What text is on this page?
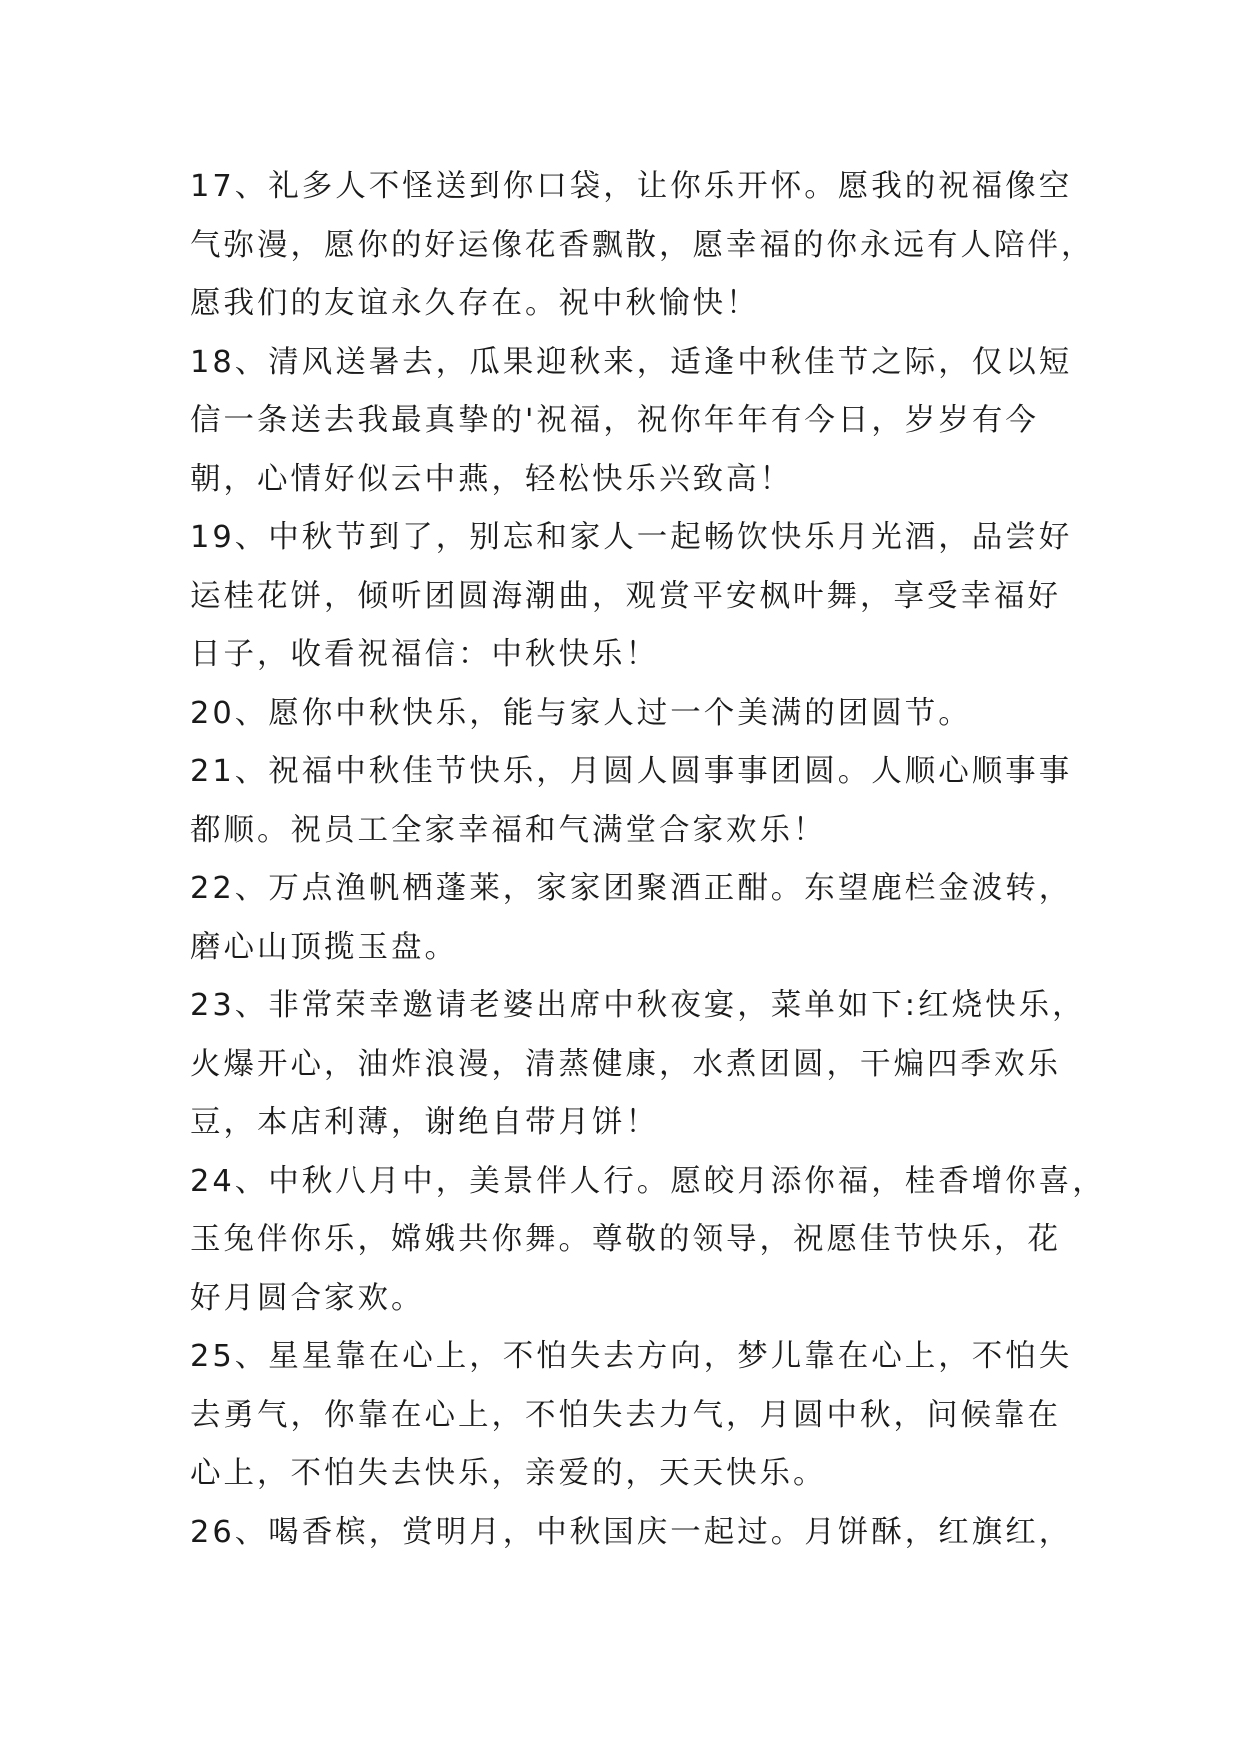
17、礼多人不怪送到你口袋，让你乐开怀。愿我的祝福像空
气弥漫，愿你的好运像花香飘散，愿幸福的你永远有人陪伴，
愿我们的友谊永久存在。祝中秋愉快！
18、清风送暑去，瓜果迎秋来，适逢中秋佳节之际，仅以短
信一条送去我最真挚的'祝福，祝你年年有今日，岁岁有今
朝，心情好似云中燕，轻松快乐兴致高！
19、中秋节到了，别忘和家人一起畅饮快乐月光酒，品尝好
运桂花饼，倾听团圆海潮曲，观赏平安枫叶舞，享受幸福好
日子，收看祝福信：中秋快乐！
20、愿你中秋快乐，能与家人过一个美满的团圆节。
21、祝福中秋佳节快乐，月圆人圆事事团圆。人顺心顺事事
都顺。祝员工全家幸福和气满堂合家欢乐！
22、万点渔帆栖蓬莱，家家团聚酒正酣。东望鹿栏金波转，
磨心山顶揽玉盘。
23、非常荣幸邀请老婆出席中秋夜宴，菜单如下:红烧快乐，
火爆开心，油炸浪漫，清蒸健康，水煮团圆，干煸四季欢乐
豆，本店利薄，谢绝自带月饼！
24、中秋八月中，美景伴人行。愿皎月添你福，桂香增你喜，
玉兔伴你乐，嫦娥共你舞。尊敬的领导，祝愿佳节快乐，花
好月圆合家欢。
25、星星靠在心上，不怕失去方向，梦儿靠在心上，不怕失
去勇气，你靠在心上，不怕失去力气，月圆中秋，问候靠在
心上，不怕失去快乐，亲爱的，天天快乐。
26、喝香槟，赏明月，中秋国庆一起过。月饼酥，红旗红，
